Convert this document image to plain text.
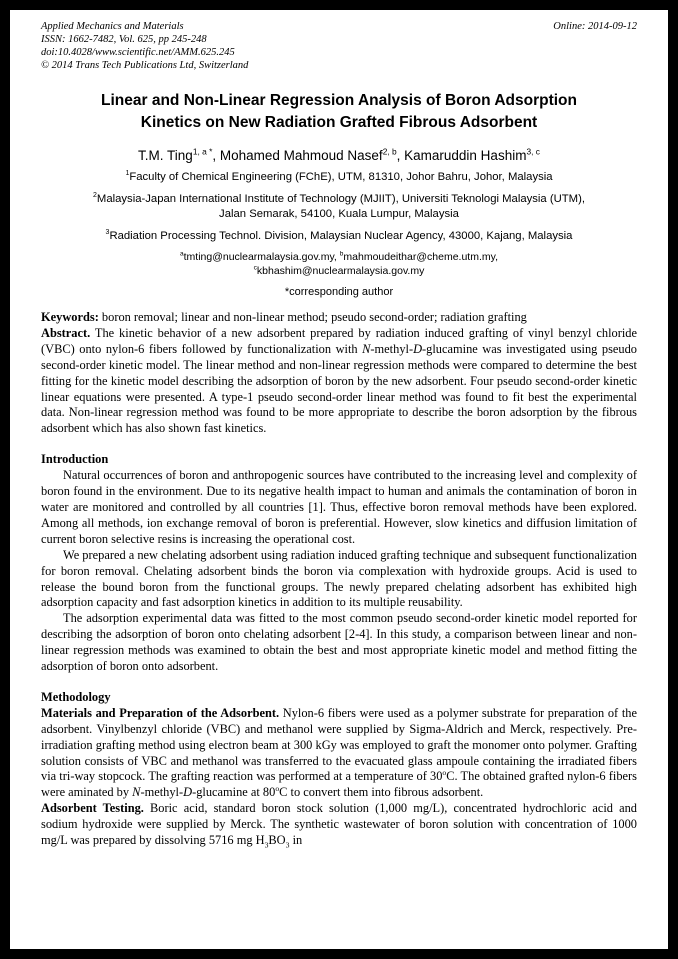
Applied Mechanics and Materials
ISSN: 1662-7482, Vol. 625, pp 245-248
doi:10.4028/www.scientific.net/AMM.625.245
© 2014 Trans Tech Publications Ltd, Switzerland
Online: 2014-09-12
Linear and Non-Linear Regression Analysis of Boron Adsorption Kinetics on New Radiation Grafted Fibrous Adsorbent
T.M. Ting$^{1, a *}$, Mohamed Mahmoud Nasef$^{2, b}$, Kamaruddin Hashim$^{3, c}$
$^1$Faculty of Chemical Engineering (FChE), UTM, 81310, Johor Bahru, Johor, Malaysia
$^2$Malaysia-Japan International Institute of Technology (MJIIT), Universiti Teknologi Malaysia (UTM), Jalan Semarak, 54100, Kuala Lumpur, Malaysia
$^3$Radiation Processing Technol. Division, Malaysian Nuclear Agency, 43000, Kajang, Malaysia
$^a$tmting@nuclearmalaysia.gov.my, $^b$mahmoudeithar@cheme.utm.my,
$^c$kbhashim@nuclearmalaysia.gov.my
*corresponding author

Keywords: boron removal; linear and non-linear method; pseudo second-order; radiation grafting

Abstract. The kinetic behavior of a new adsorbent prepared by radiation induced grafting of vinyl benzyl chloride (VBC) onto nylon-6 fibers followed by functionalization with N-methyl-D-glucamine was investigated using pseudo second-order kinetic model. The linear method and non-linear regression methods were compared to determine the best fitting for the kinetic model describing the adsorption of boron by the new adsorbent. Four pseudo second-order kinetic linear equations were presented. A type-1 pseudo second-order linear method was found to fit best the experimental data. Non-linear regression method was found to be more appropriate to describe the boron adsorption by the fibrous adsorbent which has also shown fast kinetics.

Introduction

Natural occurrences of boron and anthropogenic sources have contributed to the increasing level and complexity of boron found in the environment. Due to its negative health impact to human and animals the contamination of boron in water are monitored and controlled by all countries [1]. Thus, effective boron removal methods have been explored. Among all methods, ion exchange removal of boron is preferential. However, slow kinetics and diffusion limitation of current boron selective resins is increasing the operational cost.

We prepared a new chelating adsorbent using radiation induced grafting technique and subsequent functionalization for boron removal. Chelating adsorbent binds the boron via complexation with hydroxide groups. Acid is used to release the bound boron from the functional groups. The newly prepared chelating adsorbent has exhibited high adsorption capacity and fast adsorption kinetics in addition to its multiple reusability.

The adsorption experimental data was fitted to the most common pseudo second-order kinetic model reported for describing the adsorption of boron onto chelating adsorbent [2-4]. In this study, a comparison between linear and non-linear regression methods was examined to obtain the best and most appropriate kinetic model and method fitting the adsorption of boron onto adsorbent.

Methodology

Materials and Preparation of the Adsorbent. Nylon-6 fibers were used as a polymer substrate for preparation of the adsorbent. Vinylbenzyl chloride (VBC) and methanol were supplied by Sigma-Aldrich and Merck, respectively. Pre-irradiation grafting method using electron beam at 300 kGy was employed to graft the monomer onto polymer. Grafting solution consists of VBC and methanol was transferred to the evacuated glass ampoule containing the irradiated fibers via tri-way stopcock. The grafting reaction was performed at a temperature of 30$^o$C. The obtained grafted nylon-6 fibers were aminated by N-methyl-D-glucamine at 80$^o$C to convert them into fibrous adsorbent.

Adsorbent Testing. Boric acid, standard boron stock solution (1,000 mg/L), concentrated hydrochloric acid and sodium hydroxide were supplied by Merck. The synthetic wastewater of boron solution with concentration of 1000 mg/L was prepared by dissolving 5716 mg $H_3BO_3$ in
